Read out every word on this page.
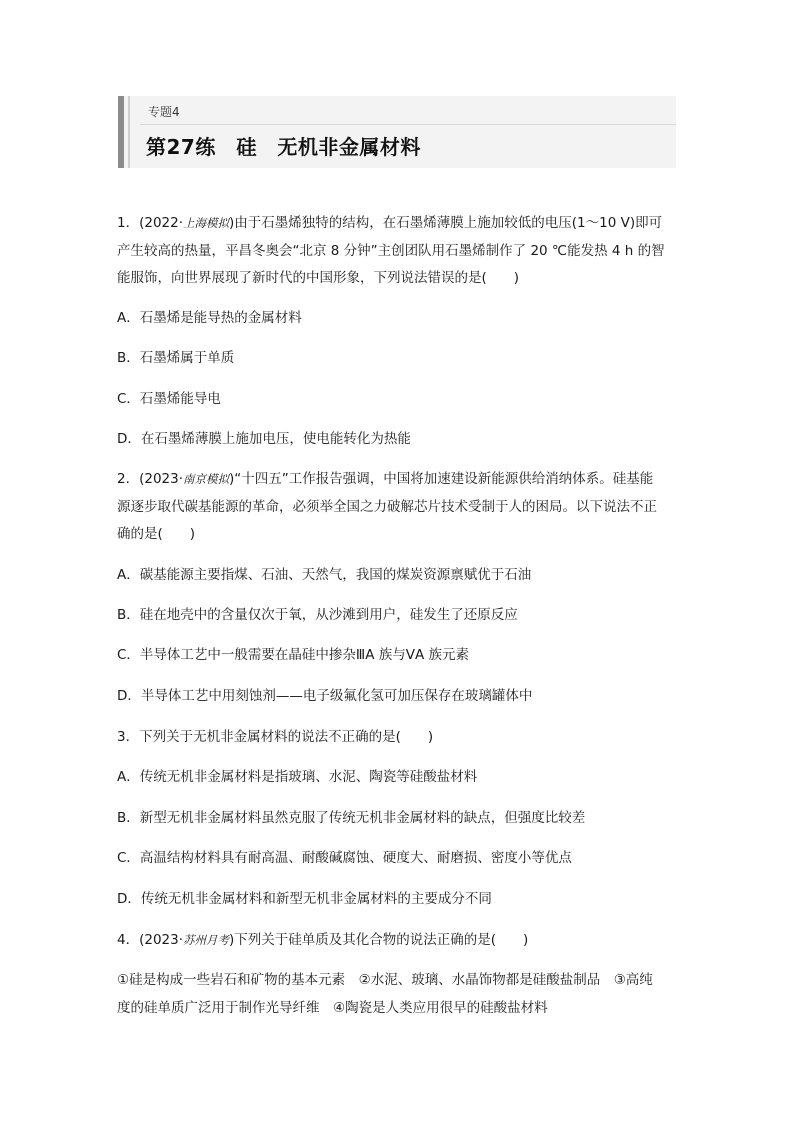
专题4
第27练　硅　无机非金属材料
1．(2022·上海模拟)由于石墨烯独特的结构，在石墨烯薄膜上施加较低的电压(1～10 V)即可
产生较高的热量，平昌冬奥会“北京 8 分钟”主创团队用石墨烯制作了 20 ℃能发热 4 h 的智
能服饰，向世界展现了新时代的中国形象，下列说法错误的是(　　)
A．石墨烯是能导热的金属材料
B．石墨烯属于单质
C．石墨烯能导电
D．在石墨烯薄膜上施加电压，使电能转化为热能
2．(2023·南京模拟)“十四五”工作报告强调，中国将加速建设新能源供给消纳体系。硅基能
源逐步取代碳基能源的革命，必须举全国之力破解芯片技术受制于人的困局。以下说法不正
确的是(　　)
A．碳基能源主要指煤、石油、天然气，我国的煤炭资源禀赋优于石油
B．硅在地壳中的含量仅次于氧，从沙滩到用户，硅发生了还原反应
C．半导体工艺中一般需要在晶硅中掺杂ⅢA 族与ⅤA 族元素
D．半导体工艺中用刻蚀剂——电子级氟化氢可加压保存在玻璃罐体中
3．下列关于无机非金属材料的说法不正确的是(　　)
A．传统无机非金属材料是指玻璃、水泥、陶瓷等硅酸盐材料
B．新型无机非金属材料虽然克服了传统无机非金属材料的缺点，但强度比较差
C．高温结构材料具有耐高温、耐酸碱腐蚀、硬度大、耐磨损、密度小等优点
D．传统无机非金属材料和新型无机非金属材料的主要成分不同
4．(2023·苏州月考)下列关于硅单质及其化合物的说法正确的是(　　)
①硅是构成一些岩石和矿物的基本元素　②水泥、玻璃、水晶饰物都是硅酸盐制品　③高纯
度的硅单质广泛用于制作光导纤维　④陶瓷是人类应用很早的硅酸盐材料
